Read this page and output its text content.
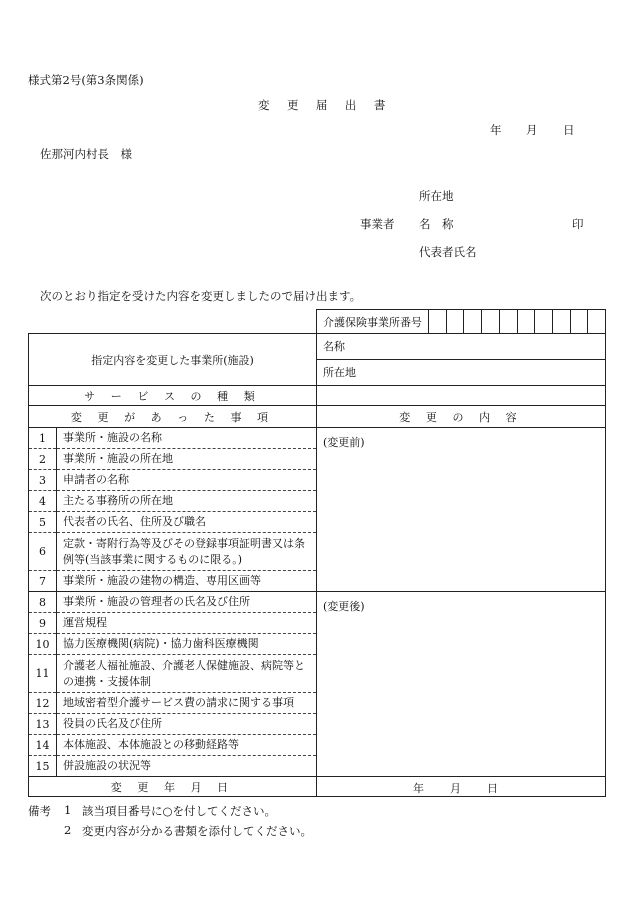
様式第2号(第3条関係)
変 更 届 出 書
年 月 日
佐那河内村長　様
所在地
事業者 名　称	印
代表者氏名
次のとおり指定を受けた内容を変更しましたので届け出ます。

介護保険事業所番号

指定内容を変更した事業所(施設)		名称
		所在地
サ ー ビ ス の 種 類		
変 更 が あ っ た 事 項		変 更 の 内 容
1	事業所・施設の名称	(変更前)
2	事業所・施設の所在地	
3	申請者の名称	
4	主たる事務所の所在地	
5	代表者の氏名、住所及び職名	
6	定款・寄附行為等及びその登録事項証明書又は条例等(当該事業に関するものに限る。)	
7	事業所・施設の建物の構造、専用区画等	
8	事業所・施設の管理者の氏名及び住所	(変更後)
9	運営規程	
10	協力医療機関(病院)・協力歯科医療機関	
11	介護老人福祉施設、介護老人保健施設、病院等との連携・支援体制	
12	地域密着型介護サービス費の請求に関する事項	
13	役員の氏名及び住所	
14	本体施設、本体施設との移動経路等	
15	併設施設の状況等	
変 更 年 月 日		年 月 日
備考 1 該当項目番号に○を付してください。
2 変更内容が分かる書類を添付してください。
